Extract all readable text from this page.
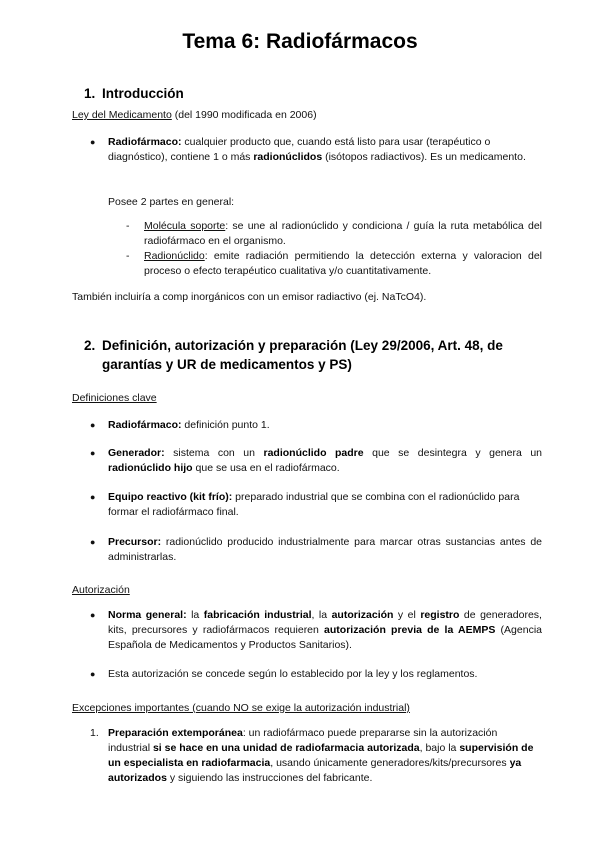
Tema 6: Radiofármacos
1. Introducción
Ley del Medicamento (del 1990 modificada en 2006)
●	Radiofármaco: cualquier producto que, cuando está listo para usar (terapéutico o diagnóstico), contiene 1 o más radionúclidos (isótopos radiactivos). Es un medicamento.
Posee 2 partes en general:
-	Molécula soporte: se une al radionúclido y condiciona / guía la ruta metabólica del radiofármaco en el organismo.
-	Radionúclido: emite radiación permitiendo la detección externa y valoracion del proceso o efecto terapéutico cualitativa y/o cuantitativamente.
También incluiría a comp inorgánicos con un emisor radiactivo (ej. NaTcO4).
2. Definición, autorización y preparación (Ley 29/2006, Art. 48, de
garantías y UR de medicamentos y PS)
Definiciones clave
●	Radiofármaco: definición punto 1.
●	Generador: sistema con un radionúclido padre que se desintegra y genera un radionúclido hijo que se usa en el radiofármaco.
●	Equipo reactivo (kit frío): preparado industrial que se combina con el radionúclido para formar el radiofármaco final.
●	Precursor: radionúclido producido industrialmente para marcar otras sustancias antes de administrarlas.
Autorización
●	Norma general: la fabricación industrial, la autorización y el registro de generadores, kits, precursores y radiofármacos requieren autorización previa de la AEMPS (Agencia Española de Medicamentos y Productos Sanitarios).
●	Esta autorización se concede según lo establecido por la ley y los reglamentos.
Excepciones importantes (cuando NO se exige la autorización industrial)
1. Preparación extemporánea: un radiofármaco puede prepararse sin la autorización industrial si se hace en una unidad de radiofarmacia autorizada, bajo la supervisión de un especialista en radiofarmacia, usando únicamente generadores/kits/precursores ya autorizados y siguiendo las instrucciones del fabricante.
